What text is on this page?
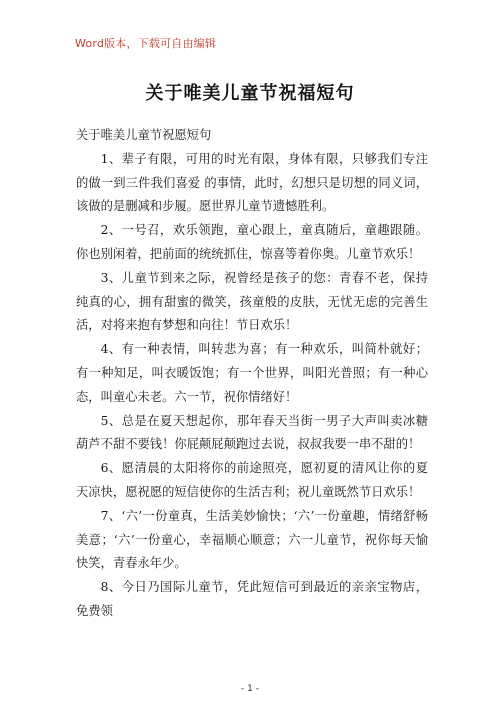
Word版本，下载可自由编辑
关于唯美儿童节祝福短句

关于唯美儿童节祝愿短句

1、辈子有限，可用的时光有限，身体有限，只够我们专注的做一到三件我们喜爱 的事情，此时，幻想只是切想的同义词，该做的是删减和步履。愿世界儿童节遗憾胜利。

2、一号召，欢乐领跑，童心跟上，童真随后，童趣跟随。你也别闲着，把前面的统统抓住，惊喜等着你奥。儿童节欢乐！

3、儿童节到来之际，祝曾经是孩子的您：青春不老，保持纯真的心，拥有甜蜜的微笑，孩童般的皮肤，无忧无虑的完善生活，对将来抱有梦想和向往！节日欢乐！

4、有一种表情，叫转悲为喜；有一种欢乐，叫简朴就好；有一种知足，叫衣暖饭饱；有一个世界，叫阳光普照；有一种心态，叫童心未老。六一节，祝你情绪好！

5、总是在夏天想起你，那年春天当街一男子大声叫卖冰糖葫芦不甜不要钱！你屁颠屁颠跑过去说，叔叔我要一串不甜的！

6、愿清晨的太阳将你的前途照亮，愿初夏的清风让你的夏天凉快，愿祝愿的短信使你的生活吉利；祝儿童既然节日欢乐！

7、‘六’一份童真，生活美妙愉快；‘六’一份童趣，情绪舒畅美意；‘六’一份童心，幸福顺心顺意；六一儿童节，祝你每天愉快笑，青春永年少。

8、今日乃国际儿童节，凭此短信可到最近的亲亲宝物店，免费领

- 1 -
